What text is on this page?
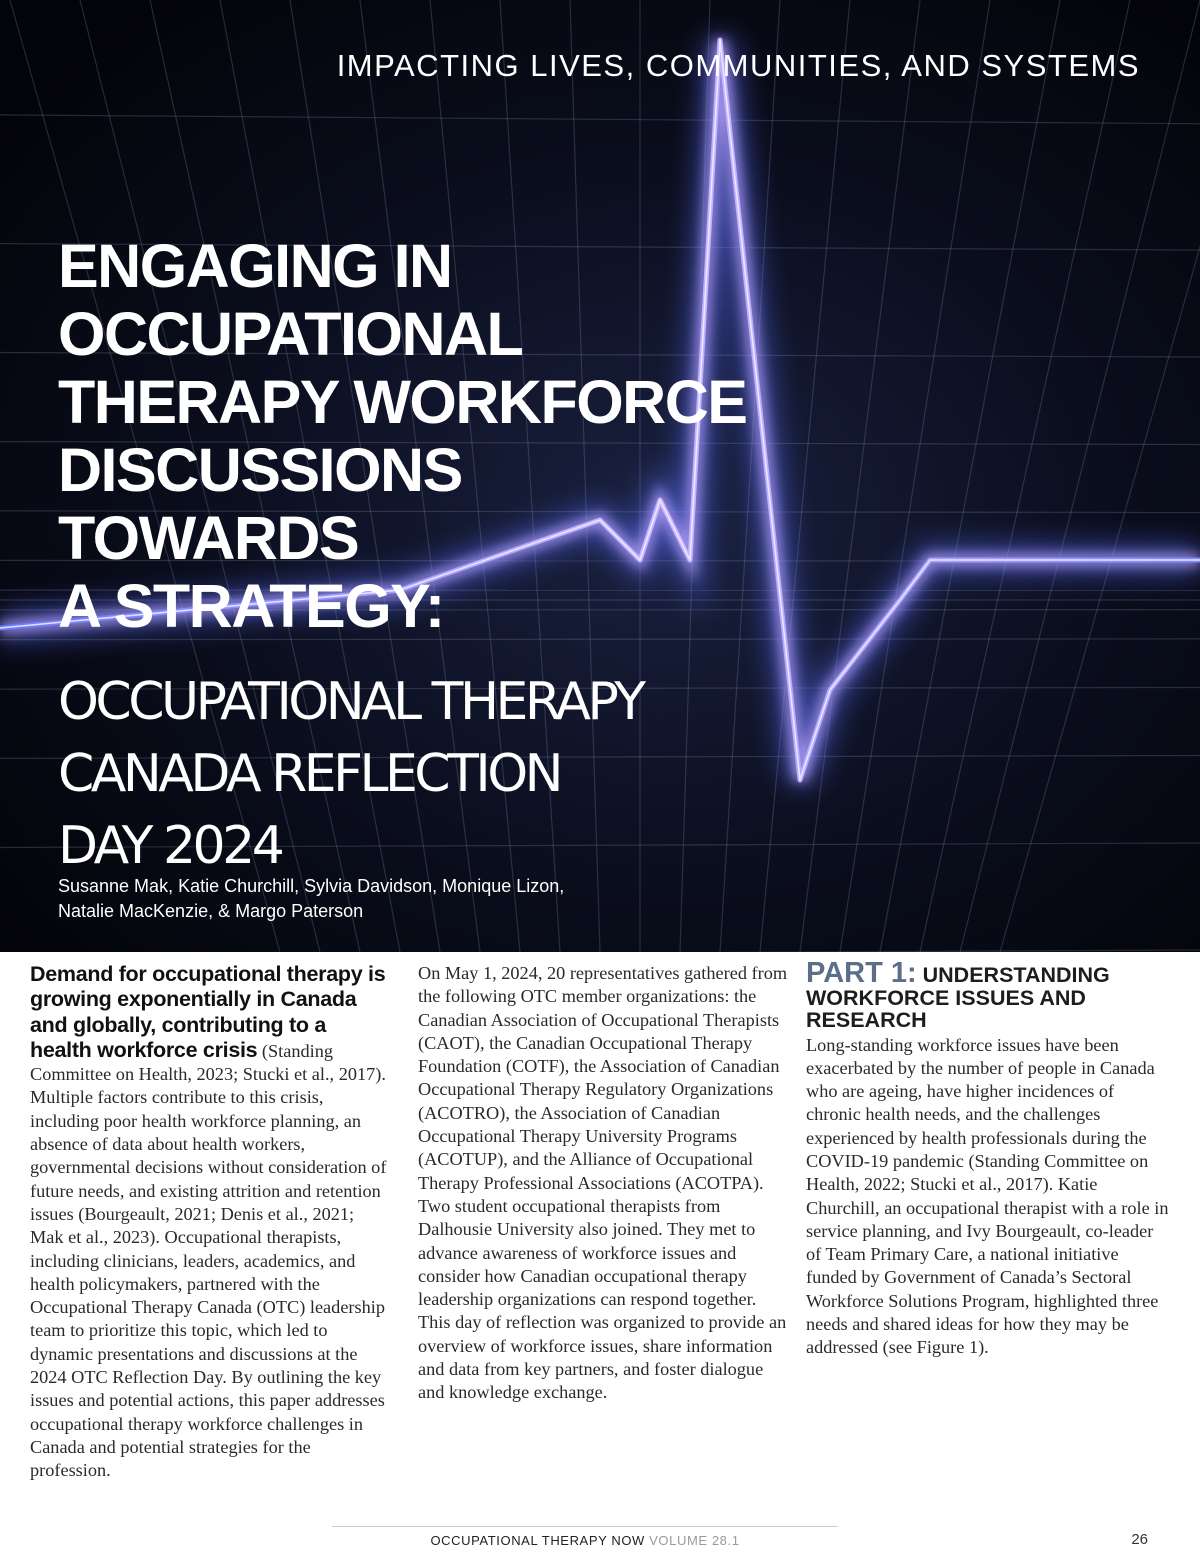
IMPACTING LIVES, COMMUNITIES, AND SYSTEMS
ENGAGING IN
OCCUPATIONAL
THERAPY WORKFORCE
DISCUSSIONS
TOWARDS
A STRATEGY:
OCCUPATIONAL THERAPY
CANADA REFLECTION
DAY 2024
Susanne Mak, Katie Churchill, Sylvia Davidson, Monique Lizon,
Natalie MacKenzie, & Margo Paterson

Demand for occupational therapy is growing exponentially in Canada and globally, contributing to a health workforce crisis (Standing Committee on Health, 2023; Stucki et al., 2017). Multiple factors contribute to this crisis, including poor health workforce planning, an absence of data about health workers, governmental decisions without consideration of future needs, and existing attrition and retention issues (Bourgeault, 2021; Denis et al., 2021; Mak et al., 2023). Occupational therapists, including clinicians, leaders, academics, and health policymakers, partnered with the Occupational Therapy Canada (OTC) leadership team to prioritize this topic, which led to dynamic presentations and discussions at the 2024 OTC Reflection Day. By outlining the key issues and potential actions, this paper addresses occupational therapy workforce challenges in Canada and potential strategies for the profession.

On May 1, 2024, 20 representatives gathered from the following OTC member organizations: the Canadian Association of Occupational Therapists (CAOT), the Canadian Occupational Therapy Foundation (COTF), the Association of Canadian Occupational Therapy Regulatory Organizations (ACOTRO), the Association of Canadian Occupational Therapy University Programs (ACOTUP), and the Alliance of Occupational Therapy Professional Associations (ACOTPA). Two student occupational therapists from Dalhousie University also joined. They met to advance awareness of workforce issues and consider how Canadian occupational therapy leadership organizations can respond together. This day of reflection was organized to provide an overview of workforce issues, share information and data from key partners, and foster dialogue and knowledge exchange.

PART 1: UNDERSTANDING WORKFORCE ISSUES AND RESEARCH

Long-standing workforce issues have been exacerbated by the number of people in Canada who are ageing, have higher incidences of chronic health needs, and the challenges experienced by health professionals during the COVID-19 pandemic (Standing Committee on Health, 2022; Stucki et al., 2017). Katie Churchill, an occupational therapist with a role in service planning, and Ivy Bourgeault, co-leader of Team Primary Care, a national initiative funded by Government of Canada’s Sectoral Workforce Solutions Program, highlighted three needs and shared ideas for how they may be addressed (see Figure 1).

OCCUPATIONAL THERAPY NOW VOLUME 28.1	26
